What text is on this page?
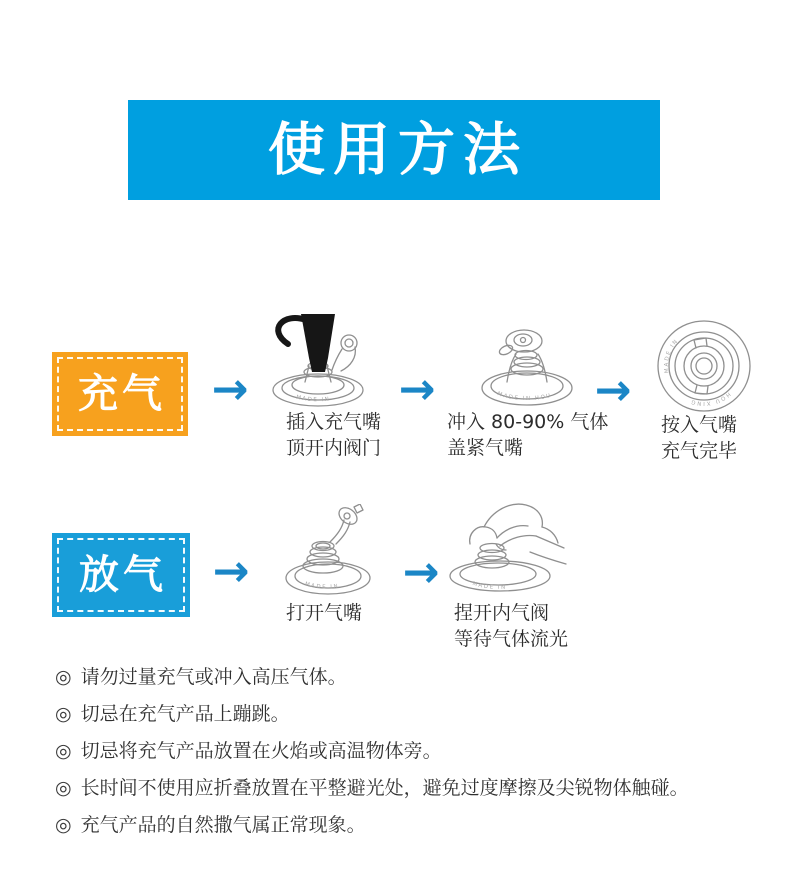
使用方法
充气 →	→	→
→	→
MADE IN
插入充气嘴
顶开内阀门
MADE IN HOU
冲入 80-90% 气体
盖紧气嘴
HOU XING
MADE IN
按入气嘴
充气完毕
放气	MADE IN
打开气嘴
MADE IN
捏开内气阀
等待气体流光
◎ 请勿过量充气或冲入高压气体。
◎ 切忌在充气产品上蹦跳。
◎ 切忌将充气产品放置在火焰或高温物体旁。
◎ 长时间不使用应折叠放置在平整避光处，避免过度摩擦及尖锐物体触碰。
◎ 充气产品的自然撒气属正常现象。
